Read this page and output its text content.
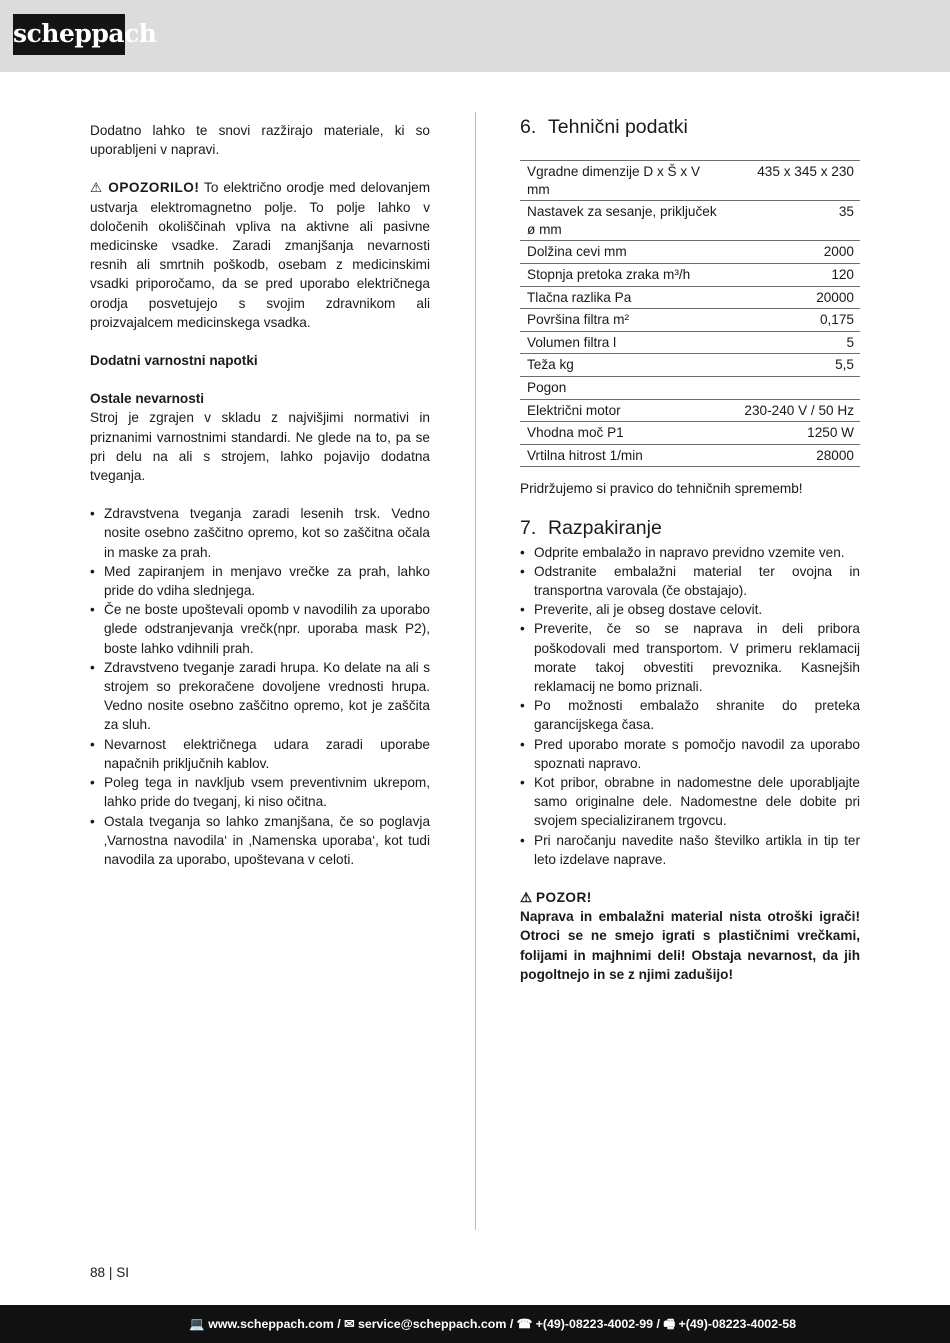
scheppach

Dodatno lahko te snovi razžirajo materiale, ki so uporabljeni v napravi.

⚠ OPOZORILO! To električno orodje med delovanjem ustvarja elektromagnetno polje. To polje lahko v določenih okoliščinah vpliva na aktivne ali pasivne medicinske vsadke. Zaradi zmanjšanja nevarnosti resnih ali smrtnih poškodb, osebam z medicinskimi vsadki priporočamo, da se pred uporabo električnega orodja posvetujejo s svojim zdravnikom ali proizvajalcem medicinskega vsadka.

Dodatni varnostni napotki

Ostale nevarnosti

Stroj je zgrajen v skladu z najvišjimi normativi in priznanimi varnostnimi standardi. Ne glede na to, pa se pri delu na ali s strojem, lahko pojavijo dodatna tveganja.

• Zdravstvena tveganja zaradi lesenih trsk. Vedno nosite osebno zaščitno opremo, kot so zaščitna očala in maske za prah.
• Med zapiranjem in menjavo vrečke za prah, lahko pride do vdiha slednjega.
• Če ne boste upoštevali opomb v navodilih za uporabo glede odstranjevanja vrečk(npr. uporaba mask P2), boste lahko vdihnili prah.
• Zdravstveno tveganje zaradi hrupa. Ko delate na ali s strojem so prekoračene dovoljene vrednosti hrupa. Vedno nosite osebno zaščitno opremo, kot je zaščita za sluh.
• Nevarnost električnega udara zaradi uporabe napačnih priključnih kablov.
• Poleg tega in navkljub vsem preventivnim ukrepom, lahko pride do tveganj, ki niso očitna.
• Ostala tveganja so lahko zmanjšana, če so poglavja ‚Varnostna navodila‘ in ‚Namenska uporaba‘, kot tudi navodila za uporabo, upoštevana v celoti.
6. Tehnični podatki
Vgradne dimenzije D x Š x V mm	435 x 345 x 230
Nastavek za sesanje, priključek ø mm	35
Dolžina cevi mm	2000
Stopnja pretoka zraka m³/h	120
Tlačna razlika Pa	20000
Površina filtra m²	0,175
Volumen filtra l	5
Teža kg	5,5
Pogon	
Električni motor	230-240 V / 50 Hz
Vhodna moč P1	1250 W
Vrtilna hitrost 1/min	28000

Pridržujemo si pravico do tehničnih sprememb!

7. Razpakiranje
• Odprite embalažo in napravo previdno vzemite ven.
• Odstranite embalažni material ter ovojna in transportna varovala (če obstajajo).
• Preverite, ali je obseg dostave celovit.
• Preverite, če so se naprava in deli pribora poškodovali med transportom. V primeru reklamacij morate takoj obvestiti prevoznika. Kasnejših reklamacij ne bomo priznali.
• Po možnosti embalažo shranite do preteka garancijskega časa.
• Pred uporabo morate s pomočjo navodil za uporabo spoznati napravo.
• Kot pribor, obrabne in nadomestne dele uporabljajte samo originalne dele. Nadomestne dele dobite pri svojem specializiranem trgovcu.
• Pri naročanju navedite našo številko artikla in tip ter leto izdelave naprave.
⚠ POZOR!
Naprava in embalažni material nista otroški igrači! Otroci se ne smejo igrati s plastičnimi vrečkami, folijami in majhnimi deli! Obstaja nevarnost, da jih pogoltnejo in se z njimi zadušijo!
88 | SI
💻 www.scheppach.com / ✉ service@scheppach.com / ☎ +(49)-08223-4002-99 / 🖷 +(49)-08223-4002-58
